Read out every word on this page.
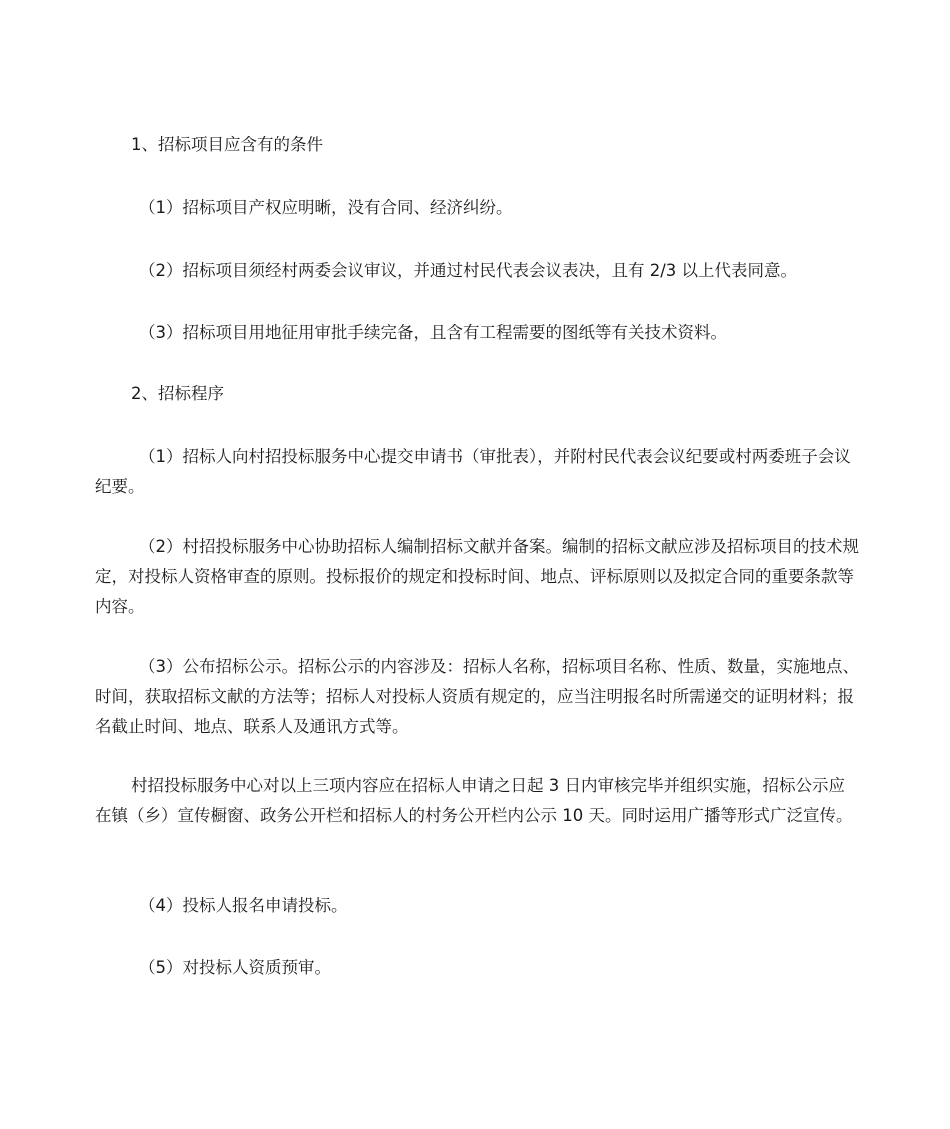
1、招标项目应含有的条件

（1）招标项目产权应明晰，没有合同、经济纠纷。

（2）招标项目须经村两委会议审议，并通过村民代表会议表决，且有 2/3 以上代表同意。

（3）招标项目用地征用审批手续完备，且含有工程需要的图纸等有关技术资料。

2、招标程序

（1）招标人向村招投标服务中心提交申请书（审批表），并附村民代表会议纪要或村两委班子会议纪要。

（2）村招投标服务中心协助招标人编制招标文献并备案。编制的招标文献应涉及招标项目的技术规定，对投标人资格审查的原则。投标报价的规定和投标时间、地点、评标原则以及拟定合同的重要条款等内容。

（3）公布招标公示。招标公示的内容涉及：招标人名称，招标项目名称、性质、数量，实施地点、时间，获取招标文献的方法等；招标人对投标人资质有规定的，应当注明报名时所需递交的证明材料；报名截止时间、地点、联系人及通讯方式等。

村招投标服务中心对以上三项内容应在招标人申请之日起 3 日内审核完毕并组织实施，招标公示应在镇（乡）宣传橱窗、政务公开栏和招标人的村务公开栏内公示 10 天。同时运用广播等形式广泛宣传。

（4）投标人报名申请投标。

（5）对投标人资质预审。
